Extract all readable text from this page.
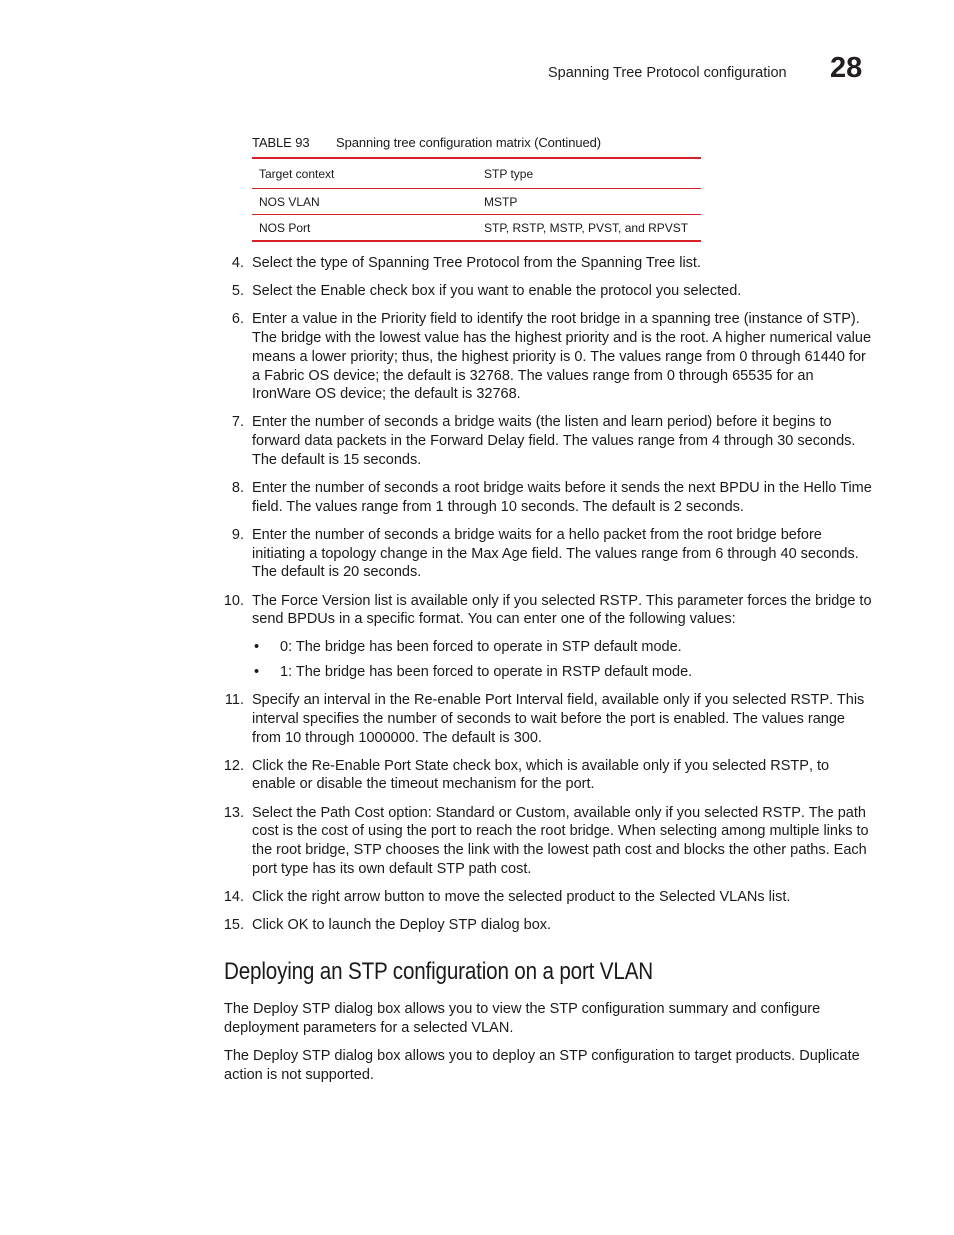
Spanning Tree Protocol configuration 28
TABLE 93 Spanning tree configuration matrix (Continued)
Target context	STP type
NOS VLAN	MSTP
NOS Port	STP, RSTP, MSTP, PVST, and RPVST
4. Select the type of Spanning Tree Protocol from the Spanning Tree list.
5. Select the Enable check box if you want to enable the protocol you selected.
6. Enter a value in the Priority field to identify the root bridge in a spanning tree (instance of STP). The bridge with the lowest value has the highest priority and is the root. A higher numerical value means a lower priority; thus, the highest priority is 0. The values range from 0 through 61440 for a Fabric OS device; the default is 32768. The values range from 0 through 65535 for an IronWare OS device; the default is 32768.
7. Enter the number of seconds a bridge waits (the listen and learn period) before it begins to forward data packets in the Forward Delay field. The values range from 4 through 30 seconds. The default is 15 seconds.
8. Enter the number of seconds a root bridge waits before it sends the next BPDU in the Hello Time field. The values range from 1 through 10 seconds. The default is 2 seconds.
9. Enter the number of seconds a bridge waits for a hello packet from the root bridge before initiating a topology change in the Max Age field. The values range from 6 through 40 seconds. The default is 20 seconds.
10. The Force Version list is available only if you selected RSTP. This parameter forces the bridge to send BPDUs in a specific format. You can enter one of the following values:
• 0: The bridge has been forced to operate in STP default mode.
• 1: The bridge has been forced to operate in RSTP default mode.
11. Specify an interval in the Re-enable Port Interval field, available only if you selected RSTP. This interval specifies the number of seconds to wait before the port is enabled. The values range from 10 through 1000000. The default is 300.
12. Click the Re-Enable Port State check box, which is available only if you selected RSTP, to enable or disable the timeout mechanism for the port.
13. Select the Path Cost option: Standard or Custom, available only if you selected RSTP. The path cost is the cost of using the port to reach the root bridge. When selecting among multiple links to the root bridge, STP chooses the link with the lowest path cost and blocks the other paths. Each port type has its own default STP path cost.
14. Click the right arrow button to move the selected product to the Selected VLANs list.
15. Click OK to launch the Deploy STP dialog box.
Deploying an STP configuration on a port VLAN

The Deploy STP dialog box allows you to view the STP configuration summary and configure deployment parameters for a selected VLAN.

The Deploy STP dialog box allows you to deploy an STP configuration to target products. Duplicate action is not supported.
